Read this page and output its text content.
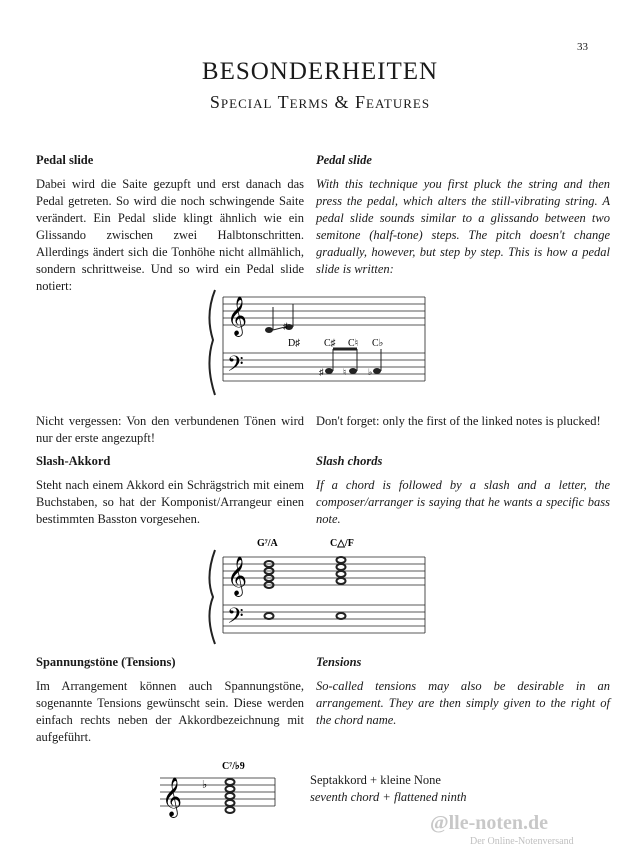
@lle-noten.de
Der Online-Notenversand
33
BESONDERHEITEN
Special Terms & Features
Pedal slide	Pedal slide
Dabei wird die Saite gezupft und erst danach das Pedal getreten. So wird die noch schwingende Saite verändert. Ein Pedal slide klingt ähnlich wie ein Glissando zwischen zwei Halbtonschritten. Allerdings ändert sich die Tonhöhe nicht allmählich, sondern schrittweise. Und so wird ein Pedal slide notiert:
With this technique you first pluck the string and then press the pedal, which alters the still-vibrating string. A pedal slide sounds similar to a glissando between two semitone (half-tone) steps. The pitch doesn't change gradually, however, but step by step. This is how a pedal slide is written:
𝄞
𝄢
♯
D♯ C♯ C♮ C♭
♯ ♮ ♭
Nicht vergessen: Von den verbundenen Tönen wird nur der erste angezupft!
Don't forget: only the first of the linked notes is plucked!
Slash-Akkord	Slash chords
Steht nach einem Akkord ein Schrägstrich mit einem Buchstaben, so hat der Komponist/Arrangeur einen bestimmten Basston vorgesehen.
If a chord is followed by a slash and a letter, the composer/arranger is saying that he wants a specific bass note.
G⁷/A	C△/F
𝄞
𝄢
Spannungstöne (Tensions)	Tensions
Im Arrangement können auch Spannungstöne, sogenannte Tensions gewünscht sein. Diese werden einfach rechts neben der Akkordbezeichnung mit aufgeführt.
So-called tensions may also be desirable in an arrangement. They are then simply given to the right of the chord name.
C⁷/♭9
𝄞 ♭	Septakkord + kleine None
seventh chord + flattened ninth
